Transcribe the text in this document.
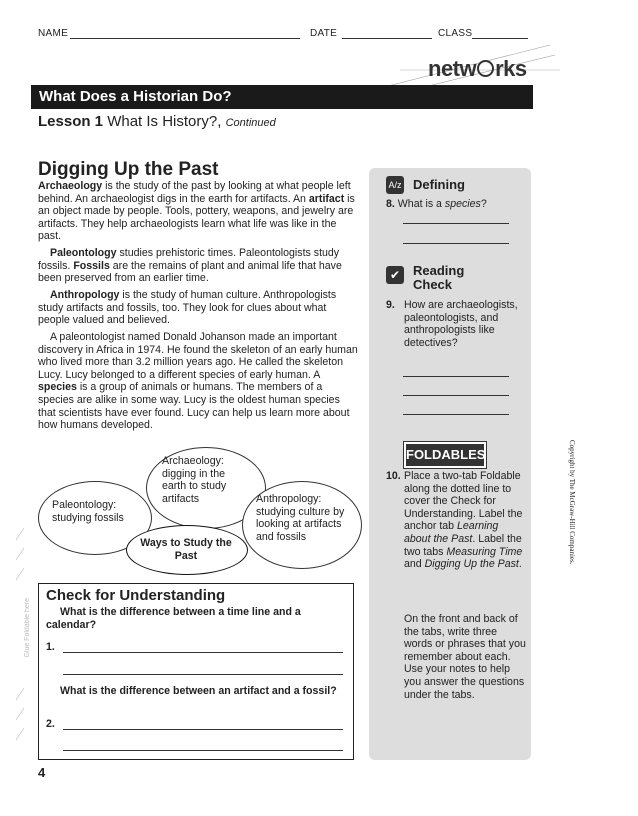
NAME	DATE	CLASS
netw rks
What Does a Historian Do?
Lesson 1 What Is History?, Continued
Digging Up the Past

Archaeology is the study of the past by looking at what people left behind. An archaeologist digs in the earth for artifacts. An artifact is an object made by people. Tools, pottery, weapons, and jewelry are artifacts. They help archaeologists learn what life was like in the past.

Paleontology studies prehistoric times. Paleontologists study fossils. Fossils are the remains of plant and animal life that have been preserved from an earlier time.

Anthropology is the study of human culture. Anthropologists study artifacts and fossils, too. They look for clues about what people valued and believed.

A paleontologist named Donald Johanson made an important discovery in Africa in 1974. He found the skeleton of an early human who lived more than 3.2 million years ago. He called the skeleton Lucy. Lucy belonged to a different species of early human. A species is a group of animals or humans. The members of a species are alike in some way. Lucy is the oldest human species that scientists have ever found. Lucy can help us learn more about how humans developed.

Archaeology: digging in the earth to study artifacts
Paleontology: studying fossils
Anthropology: studying culture by looking at artifacts and fossils
Ways to Study the Past
Glue Foldable here
Check for Understanding
What is the difference between a time line and a calendar?
1.
What is the difference between an artifact and a fossil?
2.
A/z Defining
8. What is a species?
✔ Reading
Check
9. How are archaeologists, paleontologists, and anthropologists like detectives?
10. Place a two-tab Foldable along the dotted line to cover the Check for Understanding. Label the anchor tab Learning about the Past. Label the two tabs Measuring Time and Digging Up the Past.
On the front and back of the tabs, write three words or phrases that you remember about each. Use your notes to help you answer the questions under the tabs.
FOLDABLES	Copyright by The McGraw-Hill Companies.
4
